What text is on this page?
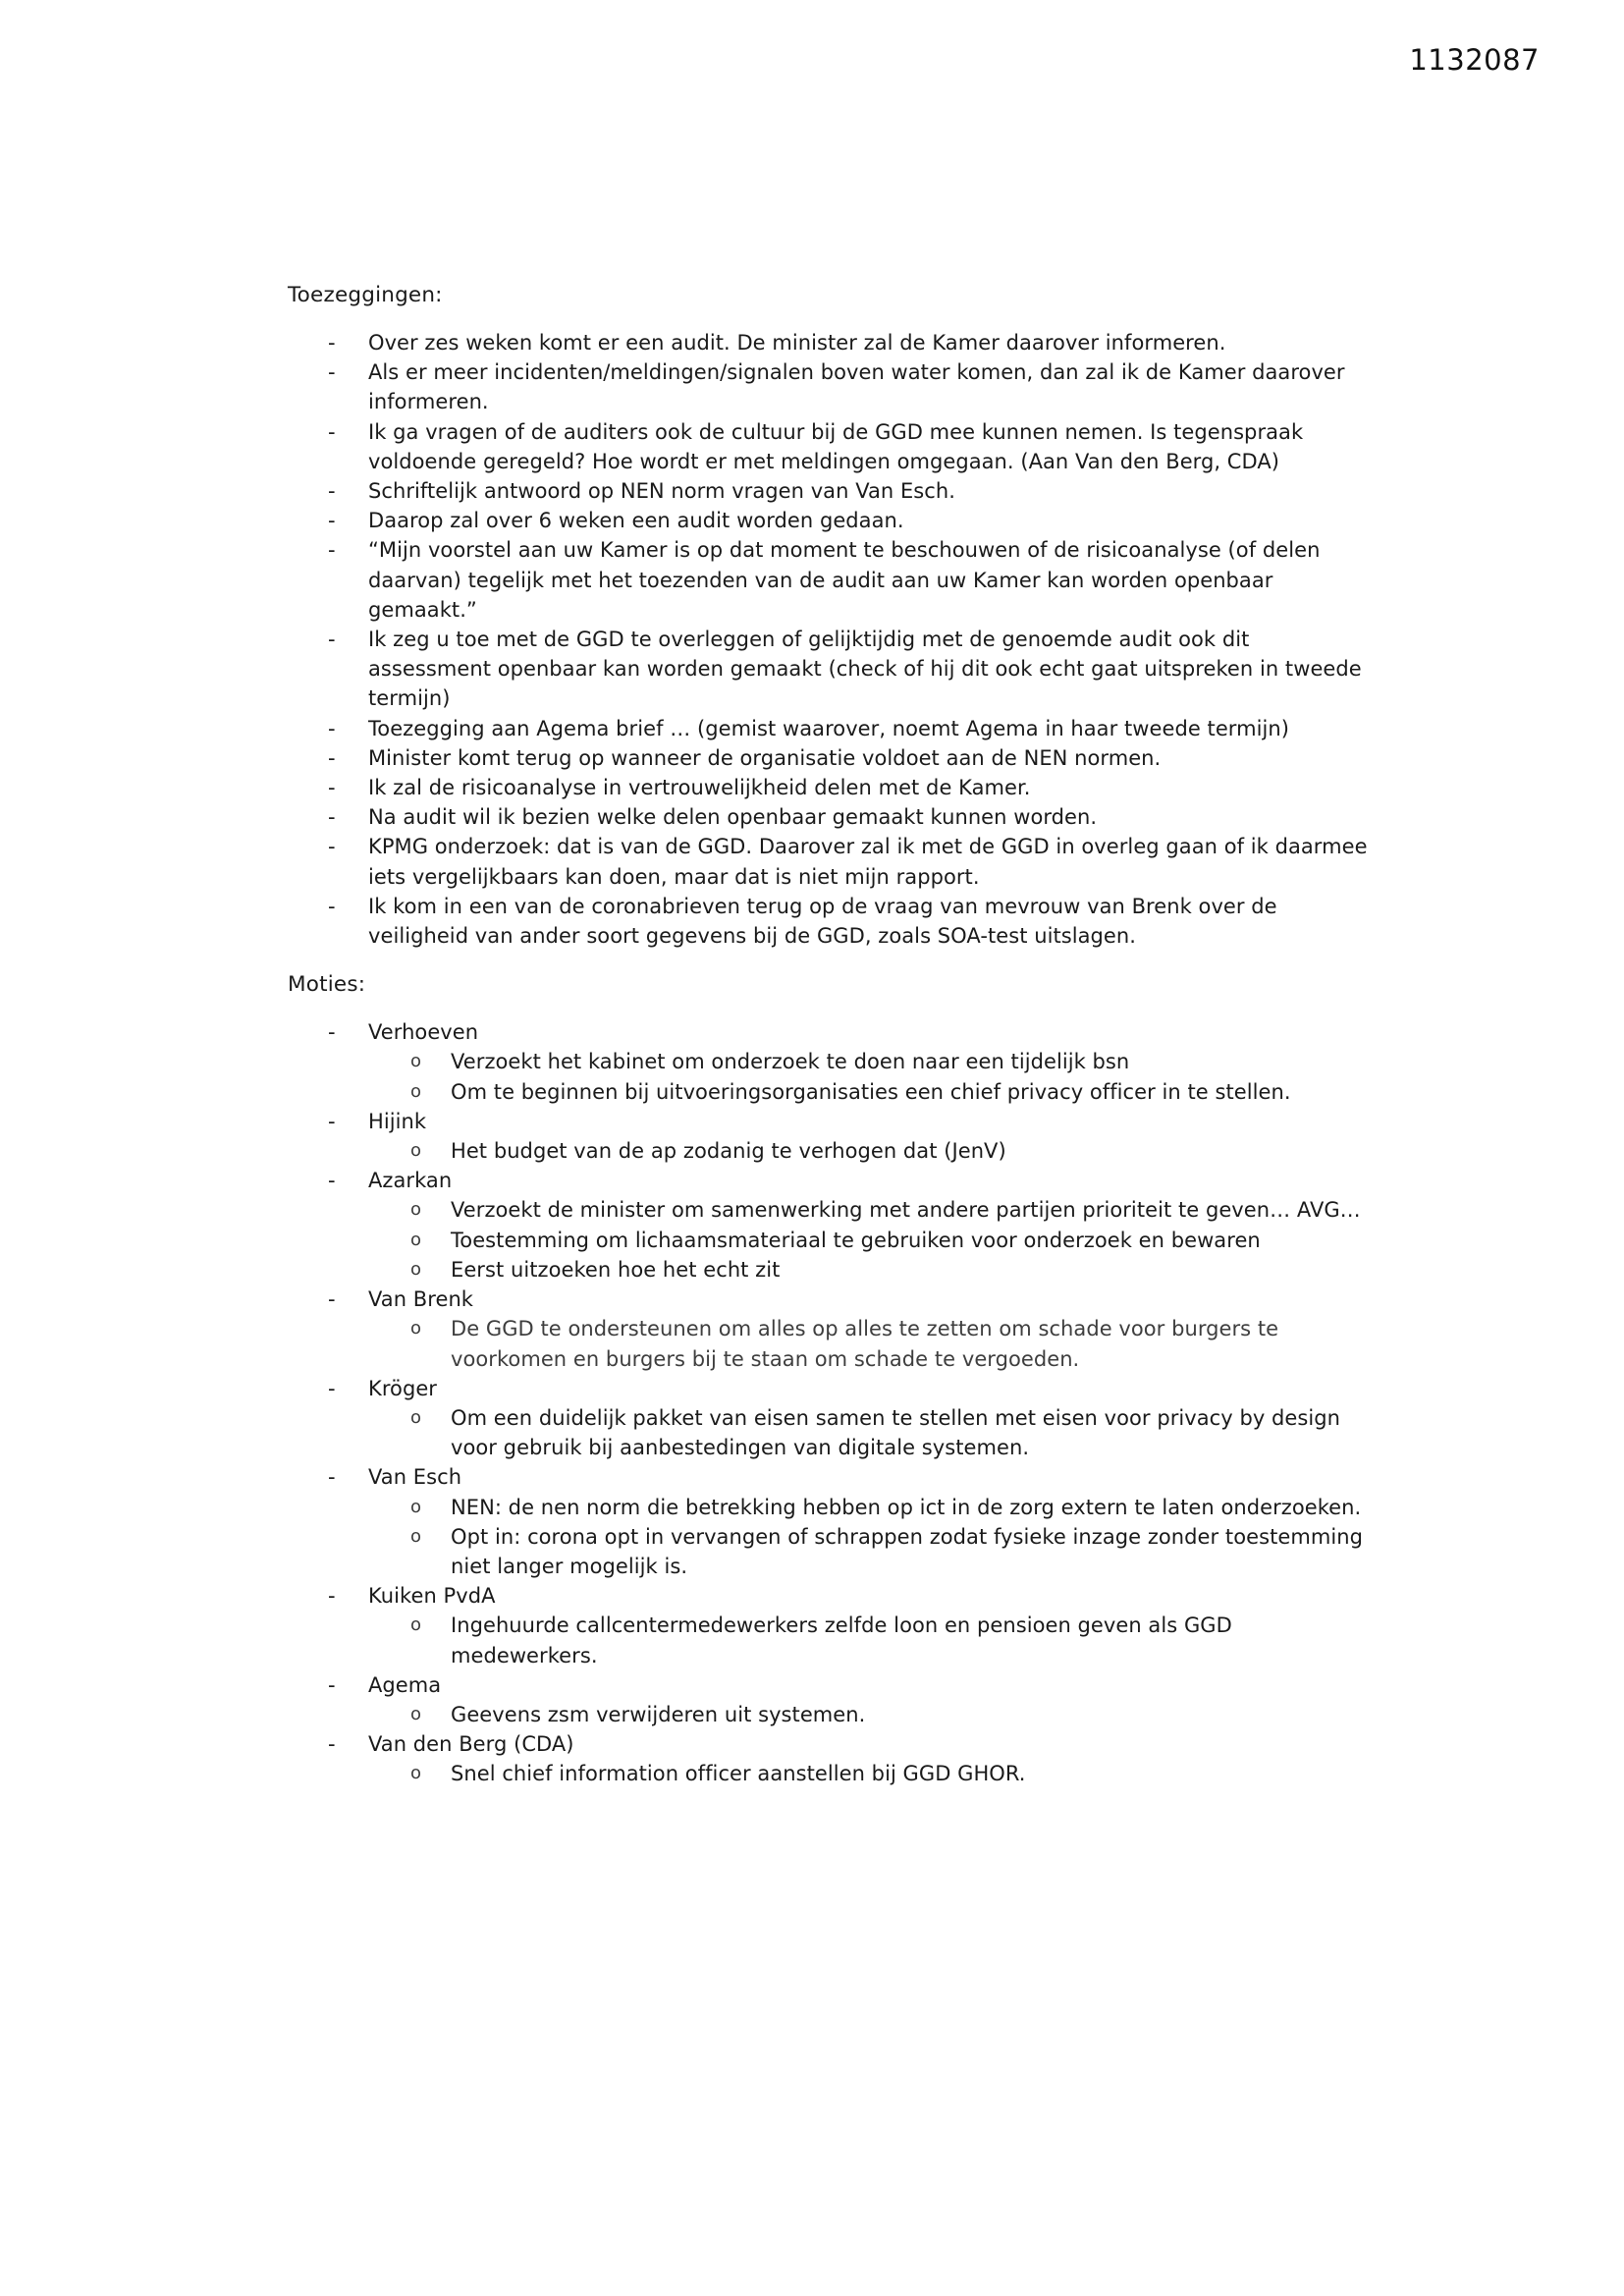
1132087
Toezeggingen:
- Over zes weken komt er een audit. De minister zal de Kamer daarover informeren.
- Als er meer incidenten/meldingen/signalen boven water komen, dan zal ik de Kamer daarover informeren.
- Ik ga vragen of de auditers ook de cultuur bij de GGD mee kunnen nemen. Is tegenspraak voldoende geregeld? Hoe wordt er met meldingen omgegaan. (Aan Van den Berg, CDA)
- Schriftelijk antwoord op NEN norm vragen van Van Esch.
- Daarop zal over 6 weken een audit worden gedaan.
- “Mijn voorstel aan uw Kamer is op dat moment te beschouwen of de risicoanalyse (of delen daarvan) tegelijk met het toezenden van de audit aan uw Kamer kan worden openbaar gemaakt.”
- Ik zeg u toe met de GGD te overleggen of gelijktijdig met de genoemde audit ook dit assessment openbaar kan worden gemaakt (check of hij dit ook echt gaat uitspreken in tweede termijn)
- Toezegging aan Agema brief … (gemist waarover, noemt Agema in haar tweede termijn)
- Minister komt terug op wanneer de organisatie voldoet aan de NEN normen.
- Ik zal de risicoanalyse in vertrouwelijkheid delen met de Kamer.
- Na audit wil ik bezien welke delen openbaar gemaakt kunnen worden.
- KPMG onderzoek: dat is van de GGD. Daarover zal ik met de GGD in overleg gaan of ik daarmee iets vergelijkbaars kan doen, maar dat is niet mijn rapport.
- Ik kom in een van de coronabrieven terug op de vraag van mevrouw van Brenk over de veiligheid van ander soort gegevens bij de GGD, zoals SOA-test uitslagen.
Moties:
- Verhoeven
o Verzoekt het kabinet om onderzoek te doen naar een tijdelijk bsn
o Om te beginnen bij uitvoeringsorganisaties een chief privacy officer in te stellen.
- Hijink
o Het budget van de ap zodanig te verhogen dat (JenV)
- Azarkan
o Verzoekt de minister om samenwerking met andere partijen prioriteit te geven… AVG…
o Toestemming om lichaamsmateriaal te gebruiken voor onderzoek en bewaren
o Eerst uitzoeken hoe het echt zit
- Van Brenk
o De GGD te ondersteunen om alles op alles te zetten om schade voor burgers te voorkomen en burgers bij te staan om schade te vergoeden.
- Kröger
o Om een duidelijk pakket van eisen samen te stellen met eisen voor privacy by design voor gebruik bij aanbestedingen van digitale systemen.
- Van Esch
o NEN: de nen norm die betrekking hebben op ict in de zorg extern te laten onderzoeken.
o Opt in: corona opt in vervangen of schrappen zodat fysieke inzage zonder toestemming niet langer mogelijk is.
- Kuiken PvdA
o Ingehuurde callcentermedewerkers zelfde loon en pensioen geven als GGD medewerkers.
- Agema
o Geevens zsm verwijderen uit systemen.
- Van den Berg (CDA)
o Snel chief information officer aanstellen bij GGD GHOR.
